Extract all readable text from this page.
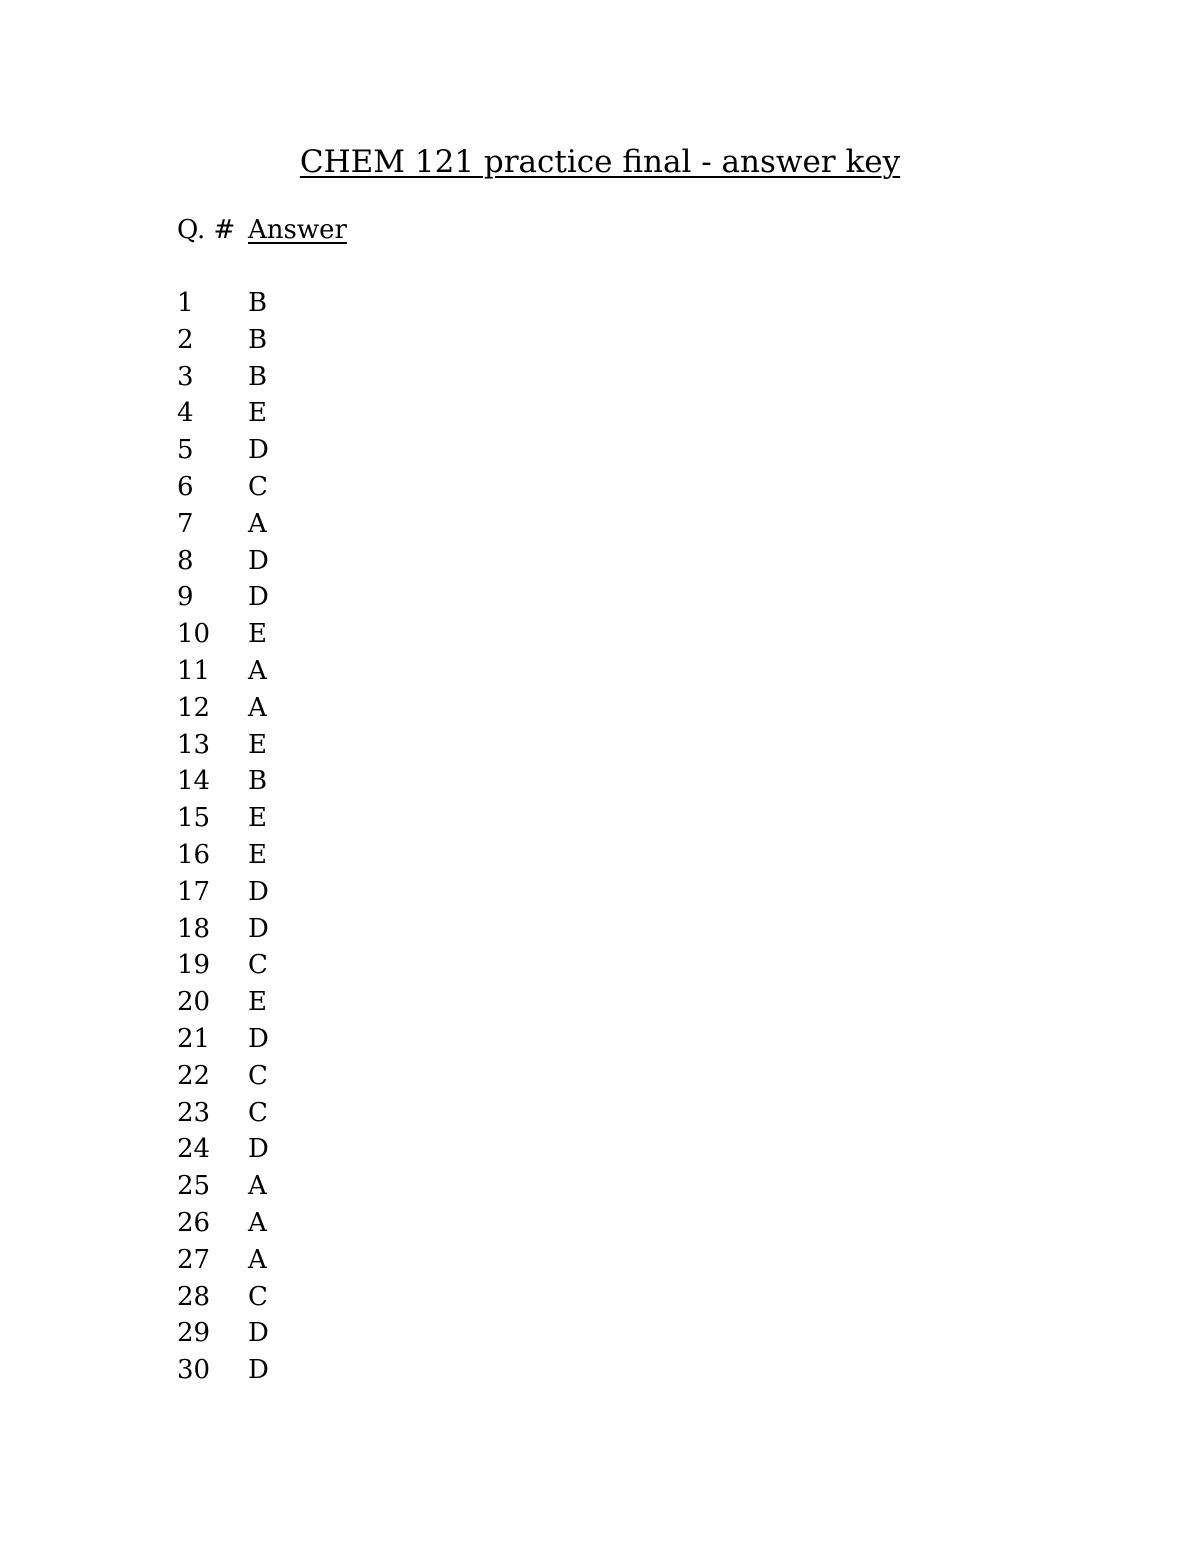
CHEM 121 practice final - answer key
Q. # Answer
1 B
2 B
3 B
4 E
5 D
6 C
7 A
8 D
9 D
10 E
11 A
12 A
13 E
14 B
15 E
16 E
17 D
18 D
19 C
20 E
21 D
22 C
23 C
24 D
25 A
26 A
27 A
28 C
29 D
30 D
